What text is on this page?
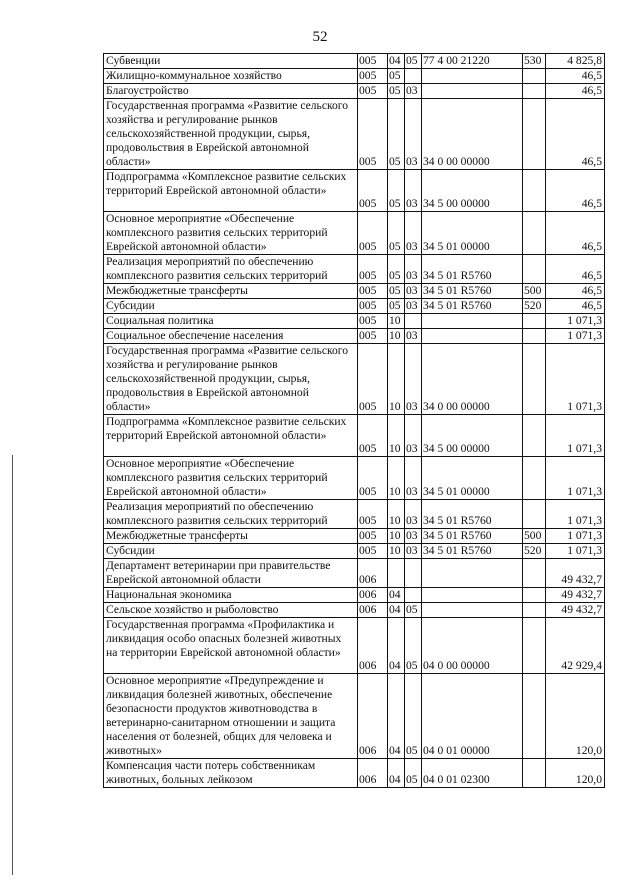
52
Субвенции	005	04	05	77 4 00 21220	530	4 825,8
Жилищно-коммунальное хозяйство	005	05				46,5
Благоустройство	005	05	03			46,5
Государственная программа «Развитие сельского хозяйства и регулирование рынков сельскохозяйственной продукции, сырья, продовольствия в Еврейской автономной области»	005	05	03	34 0 00 00000		46,5
Подпрограмма «Комплексное развитие сельских территорий Еврейской автономной области»	005	05	03	34 5 00 00000		46,5
Основное мероприятие «Обеспечение комплексного развития сельских территорий Еврейской автономной области»	005	05	03	34 5 01 00000		46,5
Реализация мероприятий по обеспечению комплексного развития сельских территорий	005	05	03	34 5 01 R5760		46,5
Межбюджетные трансферты	005	05	03	34 5 01 R5760	500	46,5
Субсидии	005	05	03	34 5 01 R5760	520	46,5
Социальная политика	005	10				1 071,3
Социальное обеспечение населения	005	10	03			1 071,3
Государственная программа «Развитие сельского хозяйства и регулирование рынков сельскохозяйственной продукции, сырья, продовольствия в Еврейской автономной области»	005	10	03	34 0 00 00000		1 071,3
Подпрограмма «Комплексное развитие сельских территорий Еврейской автономной области»	005	10	03	34 5 00 00000		1 071,3
Основное мероприятие «Обеспечение комплексного развития сельских территорий Еврейской автономной области»	005	10	03	34 5 01 00000		1 071,3
Реализация мероприятий по обеспечению комплексного развития сельских территорий	005	10	03	34 5 01 R5760		1 071,3
Межбюджетные трансферты	005	10	03	34 5 01 R5760	500	1 071,3
Субсидии	005	10	03	34 5 01 R5760	520	1 071,3
Департамент ветеринарии при правительстве Еврейской автономной области	006					49 432,7
Национальная экономика	006	04				49 432,7
Сельское хозяйство и рыболовство	006	04	05			49 432,7
Государственная программа «Профилактика и ликвидация особо опасных болезней животных на территории Еврейской автономной области»	006	04	05	04 0 00 00000		42 929,4
Основное мероприятие «Предупреждение и ликвидация болезней животных, обеспечение безопасности продуктов животноводства в ветеринарно-санитарном отношении и защита населения от болезней, общих для человека и животных»	006	04	05	04 0 01 00000		120,0
Компенсация части потерь собственникам животных, больных лейкозом	006	04	05	04 0 01 02300		120,0
